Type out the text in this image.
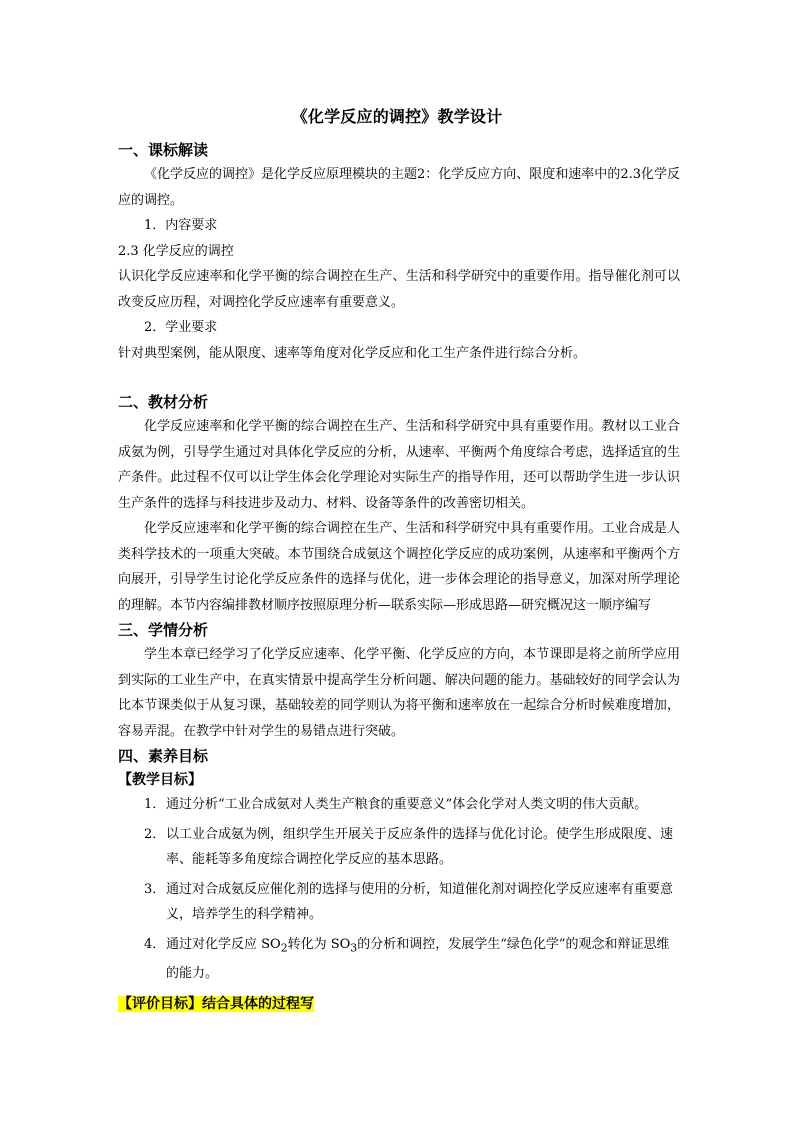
《化学反应的调控》教学设计
一、课标解读

《化学反应的调控》是化学反应原理模块的主题2：化学反应方向、限度和速率中的2.3化学反应的调控。

1．内容要求

2.3 化学反应的调控

认识化学反应速率和化学平衡的综合调控在生产、生活和科学研究中的重要作用。指导催化剂可以改变反应历程，对调控化学反应速率有重要意义。

2．学业要求

针对典型案例，能从限度、速率等角度对化学反应和化工生产条件进行综合分析。

二、教材分析

化学反应速率和化学平衡的综合调控在生产、生活和科学研究中具有重要作用。教材以工业合成氨为例，引导学生通过对具体化学反应的分析，从速率、平衡两个角度综合考虑，选择适宜的生产条件。此过程不仅可以让学生体会化学理论对实际生产的指导作用，还可以帮助学生进一步认识生产条件的选择与科技进步及动力、材料、设备等条件的改善密切相关。

化学反应速率和化学平衡的综合调控在生产、生活和科学研究中具有重要作用。工业合成是人类科学技术的一项重大突破。本节围绕合成氨这个调控化学反应的成功案例，从速率和平衡两个方向展开，引导学生讨论化学反应条件的选择与优化，进一步体会理论的指导意义，加深对所学理论的理解。本节内容编排教材顺序按照原理分析—联系实际—形成思路—研究概况这一顺序编写

三、学情分析

学生本章已经学习了化学反应速率、化学平衡、化学反应的方向，本节课即是将之前所学应用到实际的工业生产中，在真实情景中提高学生分析问题、解决问题的能力。基础较好的同学会认为比本节课类似于从复习课，基础较差的同学则认为将平衡和速率放在一起综合分析时候难度增加，容易弄混。在教学中针对学生的易错点进行突破。

四、素养目标

【教学目标】

1． 通过分析“工业合成氨对人类生产粮食的重要意义”体会化学对人类文明的伟大贡献。
2． 以工业合成氨为例，组织学生开展关于反应条件的选择与优化讨论。使学生形成限度、速率、能耗等多角度综合调控化学反应的基本思路。
3． 通过对合成氨反应催化剂的选择与使用的分析，知道催化剂对调控化学反应速率有重要意义，培养学生的科学精神。
4． 通过对化学反应 $SO_2$转化为 $SO_3$的分析和调控，发展学生“绿色化学”的观念和辩证思维的能力。

【评价目标】结合具体的过程写
